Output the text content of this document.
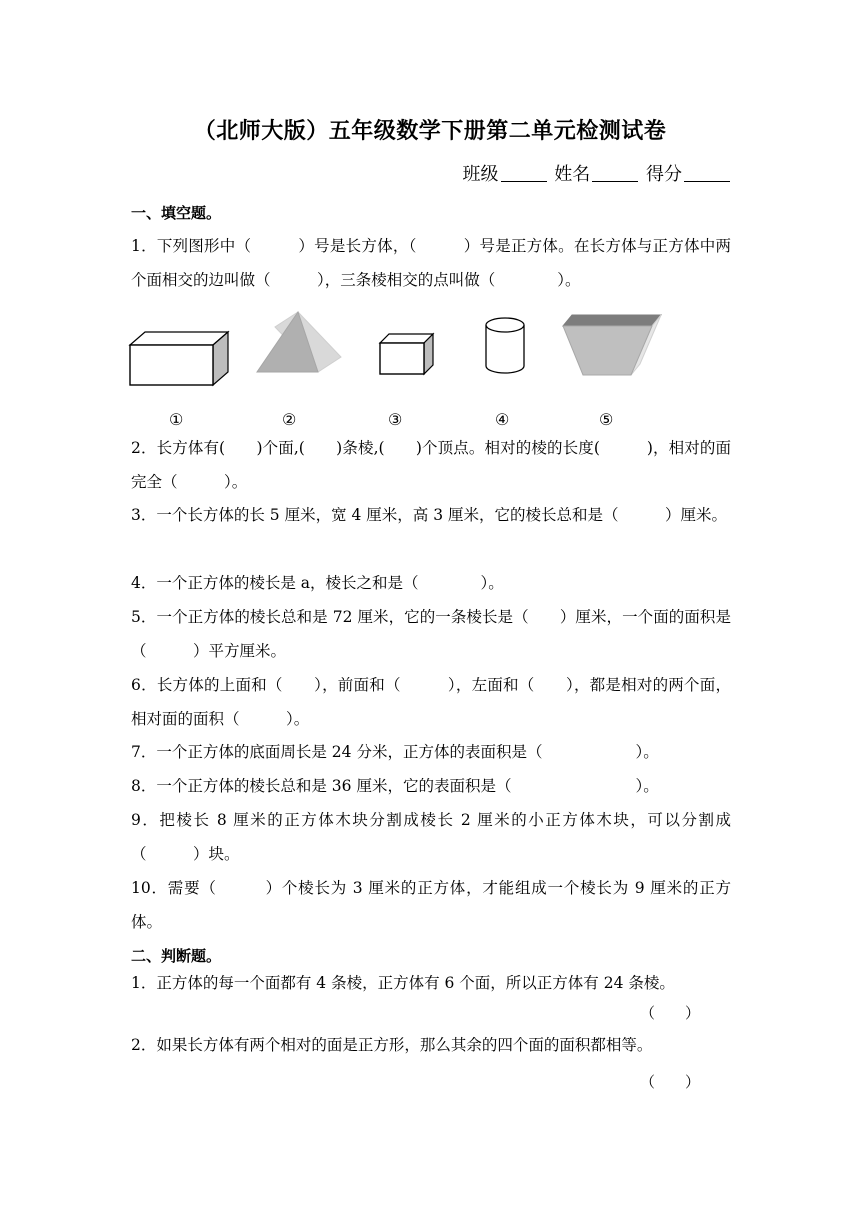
（北师大版）五年级数学下册第二单元检测试卷
班级	姓名	得分
一、填空题。
1．下列图形中（　　　）号是长方体，（　　　）号是正方体。在长方体与正方体中两个面相交的边叫做（　　　），三条棱相交的点叫做（　　　　）。
①	②	③	④	⑤
2．长方体有(　　)个面,(　　)条棱,(　　)个顶点。相对的棱的长度(　　　)，相对的面完全（　　　）。
3．一个长方体的长 5 厘米，宽 4 厘米，高 3 厘米，它的棱长总和是（　　　）厘米。
4．一个正方体的棱长是 a，棱长之和是（　　　　）。
5．一个正方体的棱长总和是 72 厘米，它的一条棱长是（　　）厘米，一个面的面积是（　　　）平方厘米。
6．长方体的上面和（　　），前面和（　　　），左面和（　　），都是相对的两个面，相对面的面积（　　　）。
7．一个正方体的底面周长是 24 分米，正方体的表面积是（　　　　　　）。
8．一个正方体的棱长总和是 36 厘米，它的表面积是（　　　　　　　　）。
9．把棱长 8 厘米的正方体木块分割成棱长 2 厘米的小正方体木块，可以分割成（　　　）块。
10．需要（　　　）个棱长为 3 厘米的正方体，才能组成一个棱长为 9 厘米的正方体。
二、判断题。
1．正方体的每一个面都有 4 条棱，正方体有 6 个面，所以正方体有 24 条棱。
（　　）
2．如果长方体有两个相对的面是正方形，那么其余的四个面的面积都相等。
（　　）
